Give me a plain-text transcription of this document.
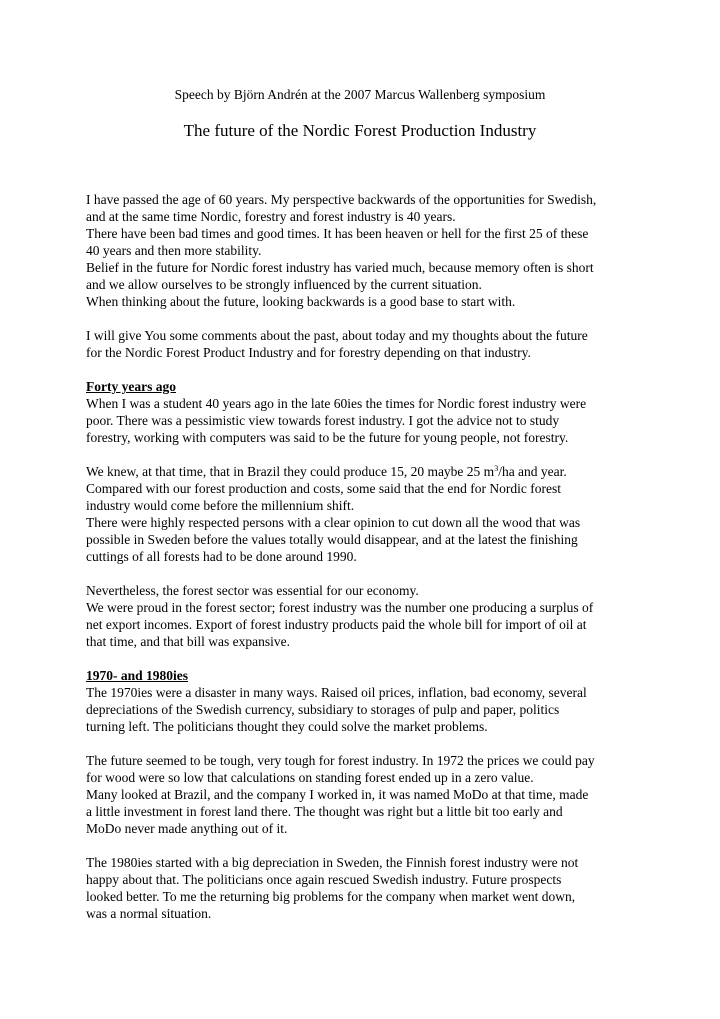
Speech by Björn Andrén at the 2007 Marcus Wallenberg symposium
The future of the Nordic Forest Production Industry
I have passed the age of 60 years. My perspective backwards of the opportunities for Swedish,
and at the same time Nordic, forestry and forest industry is 40 years.
There have been bad times and good times. It has been heaven or hell for the first 25 of these
40 years and then more stability.
Belief in the future for Nordic forest industry has varied much, because memory often is short
and we allow ourselves to be strongly influenced by the current situation.
When thinking about the future, looking backwards is a good base to start with.
I will give You some comments about the past, about today and my thoughts about the future
for the Nordic Forest Product Industry and for forestry depending on that industry.
Forty years ago
When I was a student 40 years ago in the late 60ies the times for Nordic forest industry were
poor. There was a pessimistic view towards forest industry. I got the advice not to study
forestry, working with computers was said to be the future for young people, not forestry.
We knew, at that time, that in Brazil they could produce 15, 20 maybe 25 $m^3/ha$ and year.
Compared with our forest production and costs, some said that the end for Nordic forest
industry would come before the millennium shift.
There were highly respected persons with a clear opinion to cut down all the wood that was
possible in Sweden before the values totally would disappear, and at the latest the finishing
cuttings of all forests had to be done around 1990.
Nevertheless, the forest sector was essential for our economy.
We were proud in the forest sector; forest industry was the number one producing a surplus of
net export incomes. Export of forest industry products paid the whole bill for import of oil at
that time, and that bill was expansive.
1970- and 1980ies
The 1970ies were a disaster in many ways. Raised oil prices, inflation, bad economy, several
depreciations of the Swedish currency, subsidiary to storages of pulp and paper, politics
turning left. The politicians thought they could solve the market problems.
The future seemed to be tough, very tough for forest industry. In 1972 the prices we could pay
for wood were so low that calculations on standing forest ended up in a zero value.
Many looked at Brazil, and the company I worked in, it was named MoDo at that time, made
a little investment in forest land there. The thought was right but a little bit too early and
MoDo never made anything out of it.
The 1980ies started with a big depreciation in Sweden, the Finnish forest industry were not
happy about that. The politicians once again rescued Swedish industry. Future prospects
looked better. To me the returning big problems for the company when market went down,
was a normal situation.
